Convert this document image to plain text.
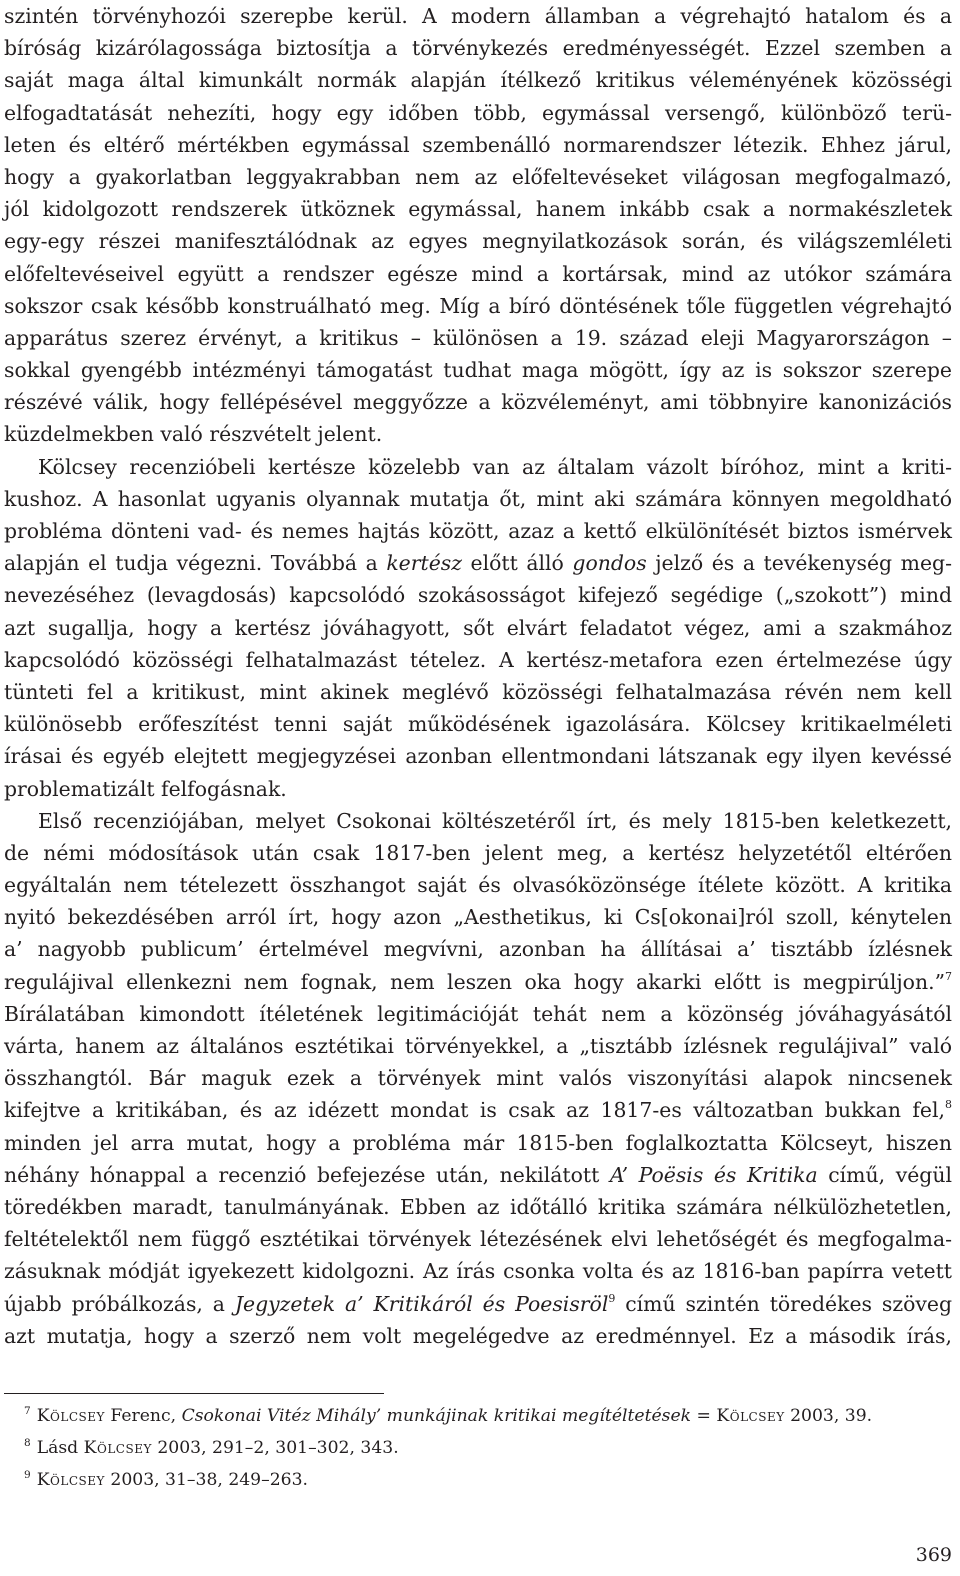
szintén törvényhozói szerepbe kerül. A modern államban a végrehajtó hatalom és a
bíróság kizárólagossága biztosítja a törvénykezés eredményességét. Ezzel szemben a
saját maga által kimunkált normák alapján ítélkező kritikus véleményének közösségi
elfogadtatását nehezíti, hogy egy időben több, egymással versengő, különböző terü-
leten és eltérő mértékben egymással szembenálló normarendszer létezik. Ehhez járul,
hogy a gyakorlatban leggyakrabban nem az előfeltevéseket világosan megfogalmazó,
jól kidolgozott rendszerek ütköznek egymással, hanem inkább csak a normakészletek
egy-egy részei manifesztálódnak az egyes megnyilatkozások során, és világszemléleti
előfeltevéseivel együtt a rendszer egésze mind a kortársak, mind az utókor számára
sokszor csak később konstruálható meg. Míg a bíró döntésének tőle független végrehajtó
apparátus szerez érvényt, a kritikus – különösen a 19. század eleji Magyarországon –
sokkal gyengébb intézményi támogatást tudhat maga mögött, így az is sokszor szerepe
részévé válik, hogy fellépésével meggyőzze a közvéleményt, ami többnyire kanonizációs
küzdelmekben való részvételt jelent.
Kölcsey recenzióbeli kertésze közelebb van az általam vázolt bíróhoz, mint a kriti-
kushoz. A hasonlat ugyanis olyannak mutatja őt, mint aki számára könnyen megoldható
probléma dönteni vad- és nemes hajtás között, azaz a kettő elkülönítését biztos ismérvek
alapján el tudja végezni. Továbbá a kertész előtt álló gondos jelző és a tevékenység meg-
nevezéséhez (levagdosás) kapcsolódó szokásosságot kifejező segédige („szokott”) mind
azt sugallja, hogy a kertész jóváhagyott, sőt elvárt feladatot végez, ami a szakmához
kapcsolódó közösségi felhatalmazást tételez. A kertész-metafora ezen értelmezése úgy
tünteti fel a kritikust, mint akinek meglévő közösségi felhatalmazása révén nem kell
különösebb erőfeszítést tenni saját működésének igazolására. Kölcsey kritikaelméleti
írásai és egyéb elejtett megjegyzései azonban ellentmondani látszanak egy ilyen kevéssé
problematizált felfogásnak.
Első recenziójában, melyet Csokonai költészetéről írt, és mely 1815-ben keletkezett,
de némi módosítások után csak 1817-ben jelent meg, a kertész helyzetétől eltérően
egyáltalán nem tételezett összhangot saját és olvasóközönsége ítélete között. A kritika
nyitó bekezdésében arról írt, hogy azon „Aesthetikus, ki Cs[okonai]ról szoll, kénytelen
a’ nagyobb publicum’ értelmével megvívni, azonban ha állításai a’ tisztább ízlésnek
regulájival ellenkezni nem fognak, nem leszen oka hogy akarki előtt is megpirúljon.”$^7$
Bírálatában kimondott ítéletének legitimációját tehát nem a közönség jóváhagyásától
várta, hanem az általános esztétikai törvényekkel, a „tisztább ízlésnek regulájival” való
összhangtól. Bár maguk ezek a törvények mint valós viszonyítási alapok nincsenek
kifejtve a kritikában, és az idézett mondat is csak az 1817-es változatban bukkan fel,$^8$
minden jel arra mutat, hogy a probléma már 1815-ben foglalkoztatta Kölcseyt, hiszen
néhány hónappal a recenzió befejezése után, nekilátott A’ Poësis és Kritika című, végül
töredékben maradt, tanulmányának. Ebben az időtálló kritika számára nélkülözhetetlen,
feltételektől nem függő esztétikai törvények létezésének elvi lehetőségét és megfogalma-
zásuknak módját igyekezett kidolgozni. Az írás csonka volta és az 1816-ban papírra vetett
újabb próbálkozás, a Jegyzetek a’ Kritikáról és Poesisröl$^9$ című szintén töredékes szöveg
azt mutatja, hogy a szerző nem volt megelégedve az eredménnyel. Ez a második írás,
$^7$ Kölcsey Ferenc, Csokonai Vitéz Mihály’ munkájinak kritikai megítéltetések = Kölcsey 2003, 39.
$^8$ Lásd Kölcsey 2003, 291–2, 301–302, 343.
$^9$ Kölcsey 2003, 31–38, 249–263.
369
